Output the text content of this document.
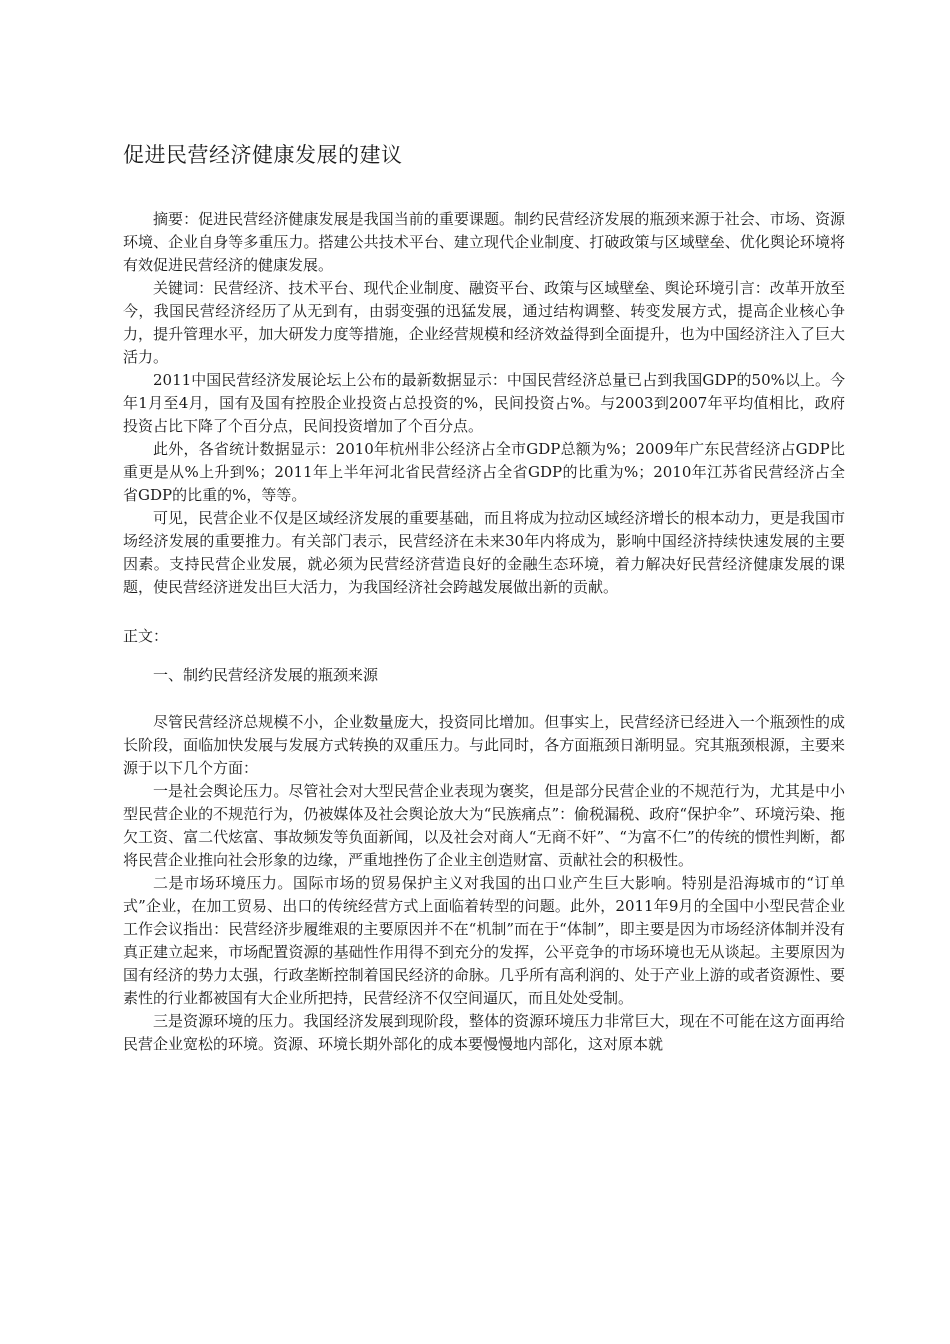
促进民营经济健康发展的建议

摘要：促进民营经济健康发展是我国当前的重要课题。制约民营经济发展的瓶颈来源于社会、市场、资源环境、企业自身等多重压力。搭建公共技术平台、建立现代企业制度、打破政策与区域壁垒、优化舆论环境将有效促进民营经济的健康发展。

关键词：民营经济、技术平台、现代企业制度、融资平台、政策与区域壁垒、舆论环境引言：改革开放至今，我国民营经济经历了从无到有，由弱变强的迅猛发展，通过结构调整、转变发展方式，提高企业核心争力，提升管理水平，加大研发力度等措施，企业经营规模和经济效益得到全面提升，也为中国经济注入了巨大活力。

2011中国民营经济发展论坛上公布的最新数据显示：中国民营经济总量已占到我国GDP的50%以上。今年1月至4月，国有及国有控股企业投资占总投资的%，民间投资占%。与2003到2007年平均值相比，政府投资占比下降了个百分点，民间投资增加了个百分点。

此外，各省统计数据显示：2010年杭州非公经济占全市GDP总额为%；2009年广东民营经济占GDP比重更是从%上升到%；2011年上半年河北省民营经济占全省GDP的比重为%；2010年江苏省民营经济占全省GDP的比重的%，等等。

可见，民营企业不仅是区域经济发展的重要基础，而且将成为拉动区域经济增长的根本动力，更是我国市场经济发展的重要推力。有关部门表示，民营经济在未来30年内将成为，影响中国经济持续快速发展的主要因素。支持民营企业发展，就必须为民营经济营造良好的金融生态环境，着力解决好民营经济健康发展的课题，使民营经济迸发出巨大活力，为我国经济社会跨越发展做出新的贡献。

正文：

一、制约民营经济发展的瓶颈来源

尽管民营经济总规模不小，企业数量庞大，投资同比增加。但事实上，民营经济已经进入一个瓶颈性的成长阶段，面临加快发展与发展方式转换的双重压力。与此同时，各方面瓶颈日渐明显。究其瓶颈根源，主要来源于以下几个方面：

一是社会舆论压力。尽管社会对大型民营企业表现为褒奖，但是部分民营企业的不规范行为，尤其是中小型民营企业的不规范行为，仍被媒体及社会舆论放大为“民族痛点”：偷税漏税、政府“保护伞”、环境污染、拖欠工资、富二代炫富、事故频发等负面新闻，以及社会对商人“无商不奸”、“为富不仁”的传统的惯性判断，都将民营企业推向社会形象的边缘，严重地挫伤了企业主创造财富、贡献社会的积极性。

二是市场环境压力。国际市场的贸易保护主义对我国的出口业产生巨大影响。特别是沿海城市的“订单式”企业，在加工贸易、出口的传统经营方式上面临着转型的问题。此外，2011年9月的全国中小型民营企业工作会议指出：民营经济步履维艰的主要原因并不在“机制”而在于“体制”，即主要是因为市场经济体制并没有真正建立起来，市场配置资源的基础性作用得不到充分的发挥，公平竞争的市场环境也无从谈起。主要原因为国有经济的势力太强，行政垄断控制着国民经济的命脉。几乎所有高利润的、处于产业上游的或者资源性、要素性的行业都被国有大企业所把持，民营经济不仅空间逼仄，而且处处受制。

三是资源环境的压力。我国经济发展到现阶段，整体的资源环境压力非常巨大，现在不可能在这方面再给民营企业宽松的环境。资源、环境长期外部化的成本要慢慢地内部化，这对原本就
